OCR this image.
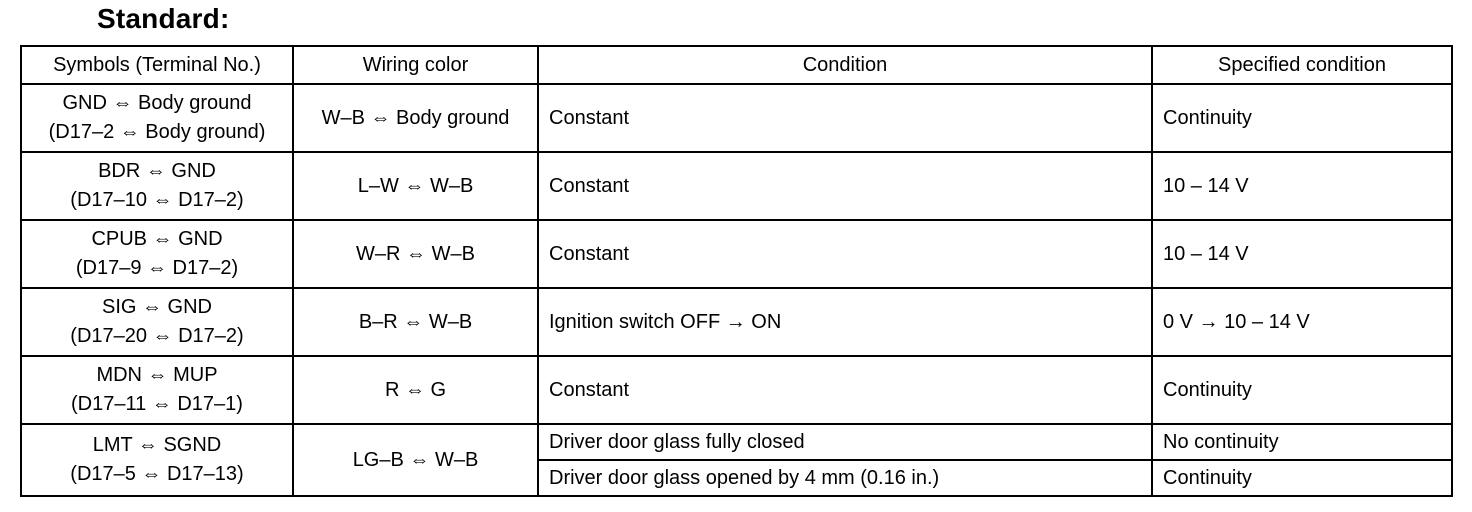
Standard:
Symbols (Terminal No.)	Wiring color	Condition	Specified condition

GND ⇔ Body ground
(D17–2 ⇔ Body ground)	W–B ⇔ Body ground	Constant	Continuity

BDR ⇔ GND
(D17–10 ⇔ D17–2)	L–W ⇔ W–B	Constant	10 – 14 V

CPUB ⇔ GND
(D17–9 ⇔ D17–2)	W–R ⇔ W–B	Constant	10 – 14 V

SIG ⇔ GND
(D17–20 ⇔ D17–2)	B–R ⇔ W–B	Ignition switch OFF → ON	0 V → 10 – 14 V

MDN ⇔ MUP
(D17–11 ⇔ D17–1)	R ⇔ G	Constant	Continuity

LMT ⇔ SGND
(D17–5 ⇔ D17–13)	LG–B ⇔ W–B	Driver door glass fully closed	No continuity
		Driver door glass opened by 4 mm (0.16 in.)	Continuity
